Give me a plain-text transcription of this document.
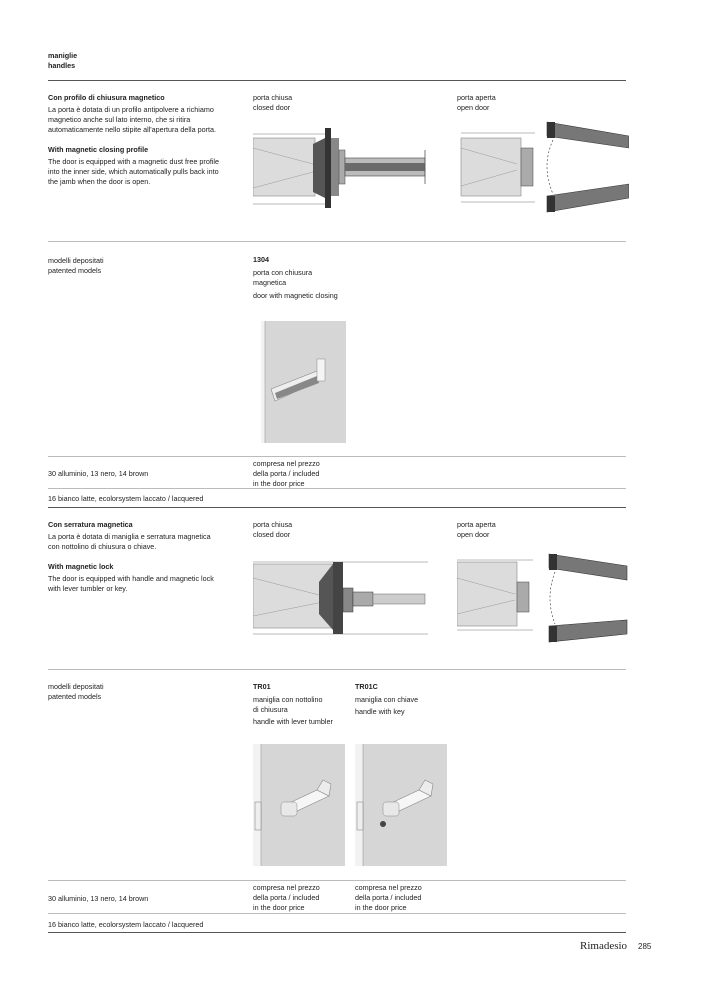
maniglie
handles
Con profilo di chiusura magnetico
La porta è dotata di un profilo antipolvere a richiamo
magnetico anche sul lato interno, che si ritira
automaticamente nello stipite all'apertura della porta.
With magnetic closing profile
The door is equipped with a magnetic dust free profile
into the inner side, which automatically pulls back into
the jamb when the door is open.
porta chiusa
closed door
porta aperta
open door
modelli depositati
patented models
1304
porta con chiusura
magnetica
door with magnetic closing
30 alluminio, 13 nero, 14 brown
compresa nel prezzo
della porta / included
in the door price
16 bianco latte, ecolorsystem laccato / lacquered
Con serratura magnetica
La porta è dotata di maniglia e serratura magnetica
con nottolino di chiusura o chiave.
With magnetic lock
The door is equipped with handle and magnetic lock
with lever tumbler or key.
porta chiusa
closed door
porta aperta
open door
modelli depositati
patented models
TR01
maniglia con nottolino
di chiusura
handle with lever tumbler
TR01C
maniglia con chiave
handle with key
30 alluminio, 13 nero, 14 brown
compresa nel prezzo
della porta / included
in the door price
compresa nel prezzo
della porta / included
in the door price
16 bianco latte, ecolorsystem laccato / lacquered
Rimadesio 285
